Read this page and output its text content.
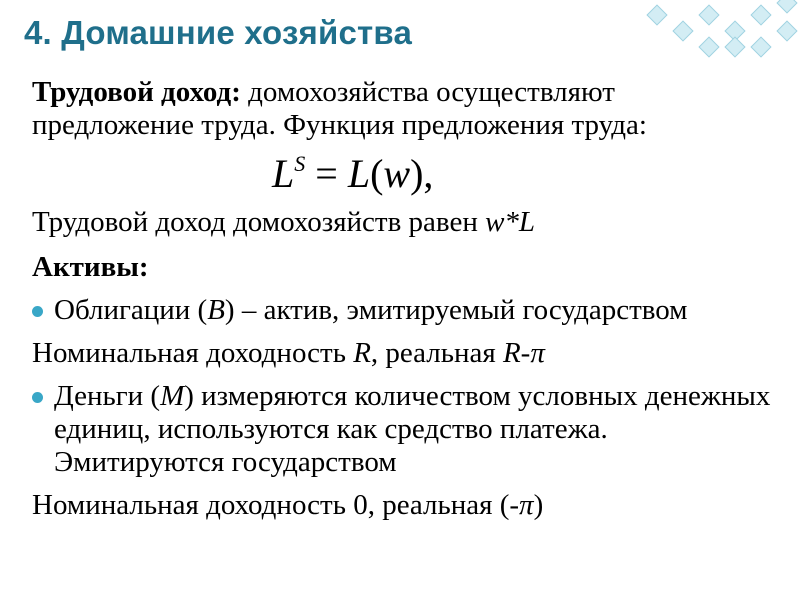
4. Домашние хозяйства

Трудовой доход: домохозяйства осуществляют предложение труда. Функция предложения труда:

$L^S = L(w)$,

Трудовой доход домохозяйств равен w*L

Активы:

Облигации (B) – актив, эмитируемый государством

Номинальная доходность R, реальная R-π

Деньги (M) измеряются количеством условных денежных единиц, используются как средство платежа. Эмитируются государством

Номинальная доходность 0, реальная (-π)
